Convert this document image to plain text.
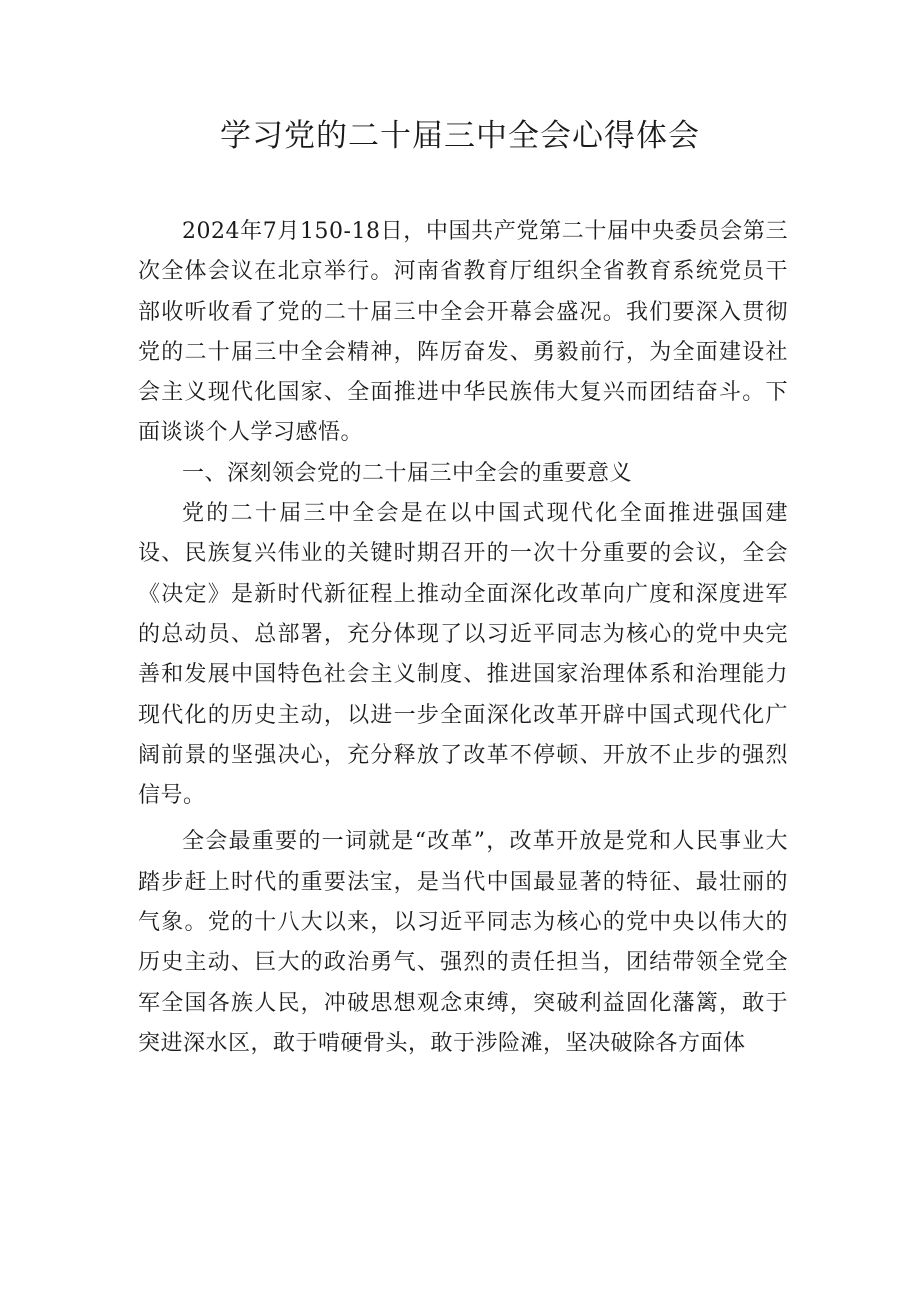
学习党的二十届三中全会心得体会

2024年7月150-18日，中国共产党第二十届中央委员会第三次全体会议在北京举行。河南省教育厅组织全省教育系统党员干部收听收看了党的二十届三中全会开幕会盛况。我们要深入贯彻党的二十届三中全会精神，阵厉奋发、勇毅前行，为全面建设社会主义现代化国家、全面推进中华民族伟大复兴而团结奋斗。下面谈谈个人学习感悟。

一、深刻领会党的二十届三中全会的重要意义

党的二十届三中全会是在以中国式现代化全面推进强国建设、民族复兴伟业的关键时期召开的一次十分重要的会议，全会《决定》是新时代新征程上推动全面深化改革向广度和深度进军的总动员、总部署，充分体现了以习近平同志为核心的党中央完善和发展中国特色社会主义制度、推进国家治理体系和治理能力现代化的历史主动，以进一步全面深化改革开辟中国式现代化广阔前景的坚强决心，充分释放了改革不停顿、开放不止步的强烈信号。

全会最重要的一词就是“改革”，改革开放是党和人民事业大踏步赶上时代的重要法宝，是当代中国最显著的特征、最壮丽的气象。党的十八大以来，以习近平同志为核心的党中央以伟大的历史主动、巨大的政治勇气、强烈的责任担当，团结带领全党全军全国各族人民，冲破思想观念束缚，突破利益固化藩篱，敢于突进深水区，敢于啃硬骨头，敢于涉险滩，坚决破除各方面体
